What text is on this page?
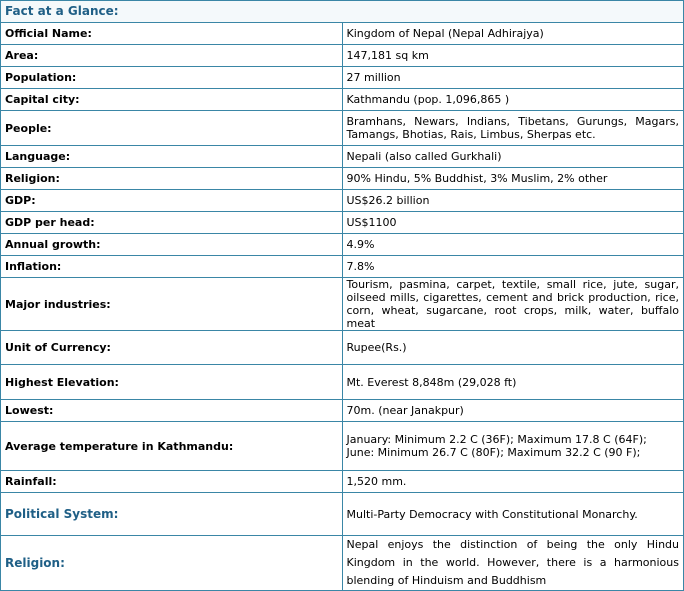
Fact at a Glance:	
Official Name:	Kingdom of Nepal (Nepal Adhirajya)
Area:	147,181 sq km
Population:	27 million
Capital city:	Kathmandu (pop. 1,096,865 )
People:	Bramhans, Newars, Indians, Tibetans, Gurungs, Magars, Tamangs, Bhotias, Rais, Limbus, Sherpas etc.
Language:	Nepali (also called Gurkhali)
Religion:	90% Hindu, 5% Buddhist, 3% Muslim, 2% other
GDP:	US$26.2 billion
GDP per head:	US$1100
Annual growth:	4.9%
Inflation:	7.8%
Major industries:	Tourism, pasmina, carpet, textile, small rice, jute, sugar, oilseed mills, cigarettes, cement and brick production, rice, corn, wheat, sugarcane, root crops, milk, water, buffalo meat
Unit of Currency:	Rupee(Rs.)
Highest Elevation:	Mt. Everest 8,848m (29,028 ft)
Lowest:	70m. (near Janakpur)
Average temperature in Kathmandu:	January: Minimum 2.2 C (36F); Maximum 17.8 C (64F);
June: Minimum 26.7 C (80F); Maximum 32.2 C (90 F);

Rainfall:	1,520 mm.
Political System:	Multi-Party Democracy with Constitutional Monarchy.
Religion:	Nepal enjoys the distinction of being the only Hindu Kingdom in the world. However, there is a harmonious blending of Hinduism and Buddhism
